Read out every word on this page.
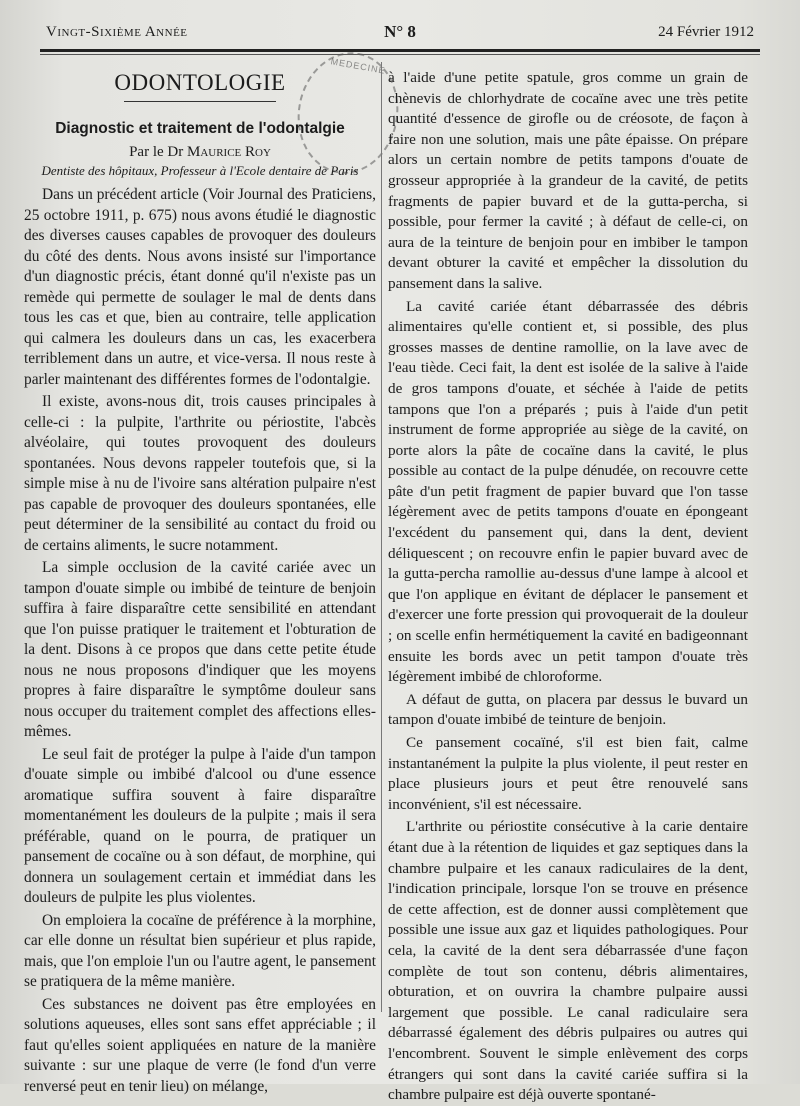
Vingt-Sixième Année	N° 8	24 Février 1912
MEDECINE
ODONTOLOGIE
Diagnostic et traitement de l'odontalgie
Par le Dr Maurice Roy
Dentiste des hôpitaux, Professeur à l'Ecole dentaire de Paris

Dans un précédent article (Voir Journal des Praticiens, 25 octobre 1911, p. 675) nous avons étudié le diagnostic des diverses causes capables de provoquer des douleurs du côté des dents. Nous avons insisté sur l'importance d'un diagnostic précis, étant donné qu'il n'existe pas un remède qui permette de soulager le mal de dents dans tous les cas et que, bien au contraire, telle application qui calmera les douleurs dans un cas, les exacerbera terriblement dans un autre, et vice-versa. Il nous reste à parler maintenant des différentes formes de l'odontalgie.

Il existe, avons-nous dit, trois causes principales à celle-ci : la pulpite, l'arthrite ou périostite, l'abcès alvéolaire, qui toutes provoquent des douleurs spontanées. Nous devons rappeler toutefois que, si la simple mise à nu de l'ivoire sans altération pulpaire n'est pas capable de provoquer des douleurs spontanées, elle peut déterminer de la sensibilité au contact du froid ou de certains aliments, le sucre notamment.

La simple occlusion de la cavité cariée avec un tampon d'ouate simple ou imbibé de teinture de benjoin suffira à faire disparaître cette sensibilité en attendant que l'on puisse pratiquer le traitement et l'obturation de la dent. Disons à ce propos que dans cette petite étude nous ne nous proposons d'indiquer que les moyens propres à faire disparaître le symptôme douleur sans nous occuper du traitement complet des affections elles-mêmes.

Le seul fait de protéger la pulpe à l'aide d'un tampon d'ouate simple ou imbibé d'alcool ou d'une essence aromatique suffira souvent à faire disparaître momentanément les douleurs de la pulpite ; mais il sera préférable, quand on le pourra, de pratiquer un pansement de cocaïne ou à son défaut, de morphine, qui donnera un soulagement certain et immédiat dans les douleurs de pulpite les plus violentes.

On emploiera la cocaïne de préférence à la morphine, car elle donne un résultat bien supérieur et plus rapide, mais, que l'on emploie l'un ou l'autre agent, le pansement se pratiquera de la même manière.

Ces substances ne doivent pas être employées en solutions aqueuses, elles sont sans effet appréciable ; il faut qu'elles soient appliquées en nature de la manière suivante : sur une plaque de verre (le fond d'un verre renversé peut en tenir lieu) on mélange,

à l'aide d'une petite spatule, gros comme un grain de chènevis de chlorhydrate de cocaïne avec une très petite quantité d'essence de girofle ou de créosote, de façon à faire non une solution, mais une pâte épaisse. On prépare alors un certain nombre de petits tampons d'ouate de grosseur appropriée à la grandeur de la cavité, de petits fragments de papier buvard et de la gutta-percha, si possible, pour fermer la cavité ; à défaut de celle-ci, on aura de la teinture de benjoin pour en imbiber le tampon devant obturer la cavité et empêcher la dissolution du pansement dans la salive.

La cavité cariée étant débarrassée des débris alimentaires qu'elle contient et, si possible, des plus grosses masses de dentine ramollie, on la lave avec de l'eau tiède. Ceci fait, la dent est isolée de la salive à l'aide de gros tampons d'ouate, et séchée à l'aide de petits tampons que l'on a préparés ; puis à l'aide d'un petit instrument de forme appropriée au siège de la cavité, on porte alors la pâte de cocaïne dans la cavité, le plus possible au contact de la pulpe dénudée, on recouvre cette pâte d'un petit fragment de papier buvard que l'on tasse légèrement avec de petits tampons d'ouate en épongeant l'excédent du pansement qui, dans la dent, devient déliquescent ; on recouvre enfin le papier buvard avec de la gutta-percha ramollie au-dessus d'une lampe à alcool et que l'on applique en évitant de déplacer le pansement et d'exercer une forte pression qui provoquerait de la douleur ; on scelle enfin hermétiquement la cavité en badigeonnant ensuite les bords avec un petit tampon d'ouate très légèrement imbibé de chloroforme.

A défaut de gutta, on placera par dessus le buvard un tampon d'ouate imbibé de teinture de benjoin.

Ce pansement cocaïné, s'il est bien fait, calme instantanément la pulpite la plus violente, il peut rester en place plusieurs jours et peut être renouvelé sans inconvénient, s'il est nécessaire.

L'arthrite ou périostite consécutive à la carie dentaire étant due à la rétention de liquides et gaz septiques dans la chambre pulpaire et les canaux radiculaires de la dent, l'indication principale, lorsque l'on se trouve en présence de cette affection, est de donner aussi complètement que possible une issue aux gaz et liquides pathologiques. Pour cela, la cavité de la dent sera débarrassée d'une façon complète de tout son contenu, débris alimentaires, obturation, et on ouvrira la chambre pulpaire aussi largement que possible. Le canal radiculaire sera débarrassé également des débris pulpaires ou autres qui l'encombrent. Souvent le simple enlèvement des corps étrangers qui sont dans la cavité cariée suffira si la chambre pulpaire est déjà ouverte spontané-
